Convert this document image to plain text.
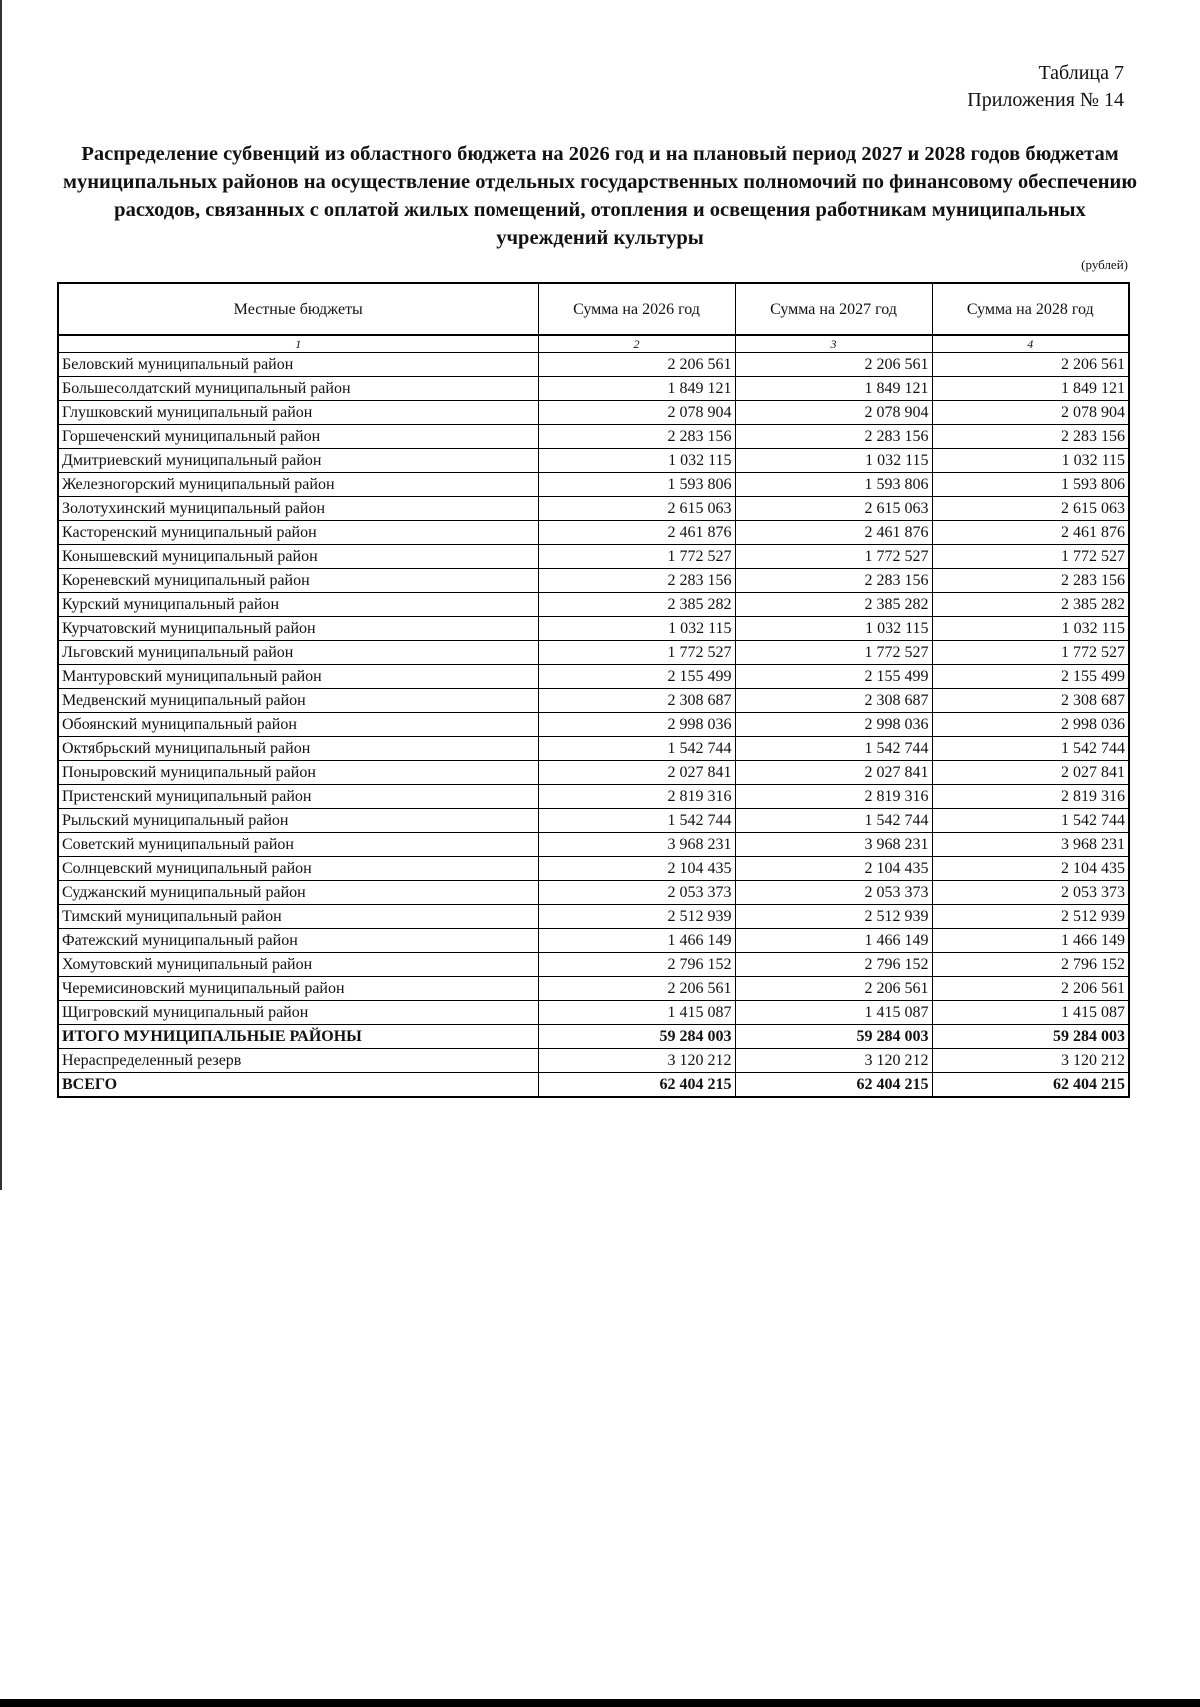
Таблица 7
Приложения № 14
Распределение субвенций из областного бюджета на 2026 год и на плановый период 2027 и 2028 годов бюджетам муниципальных районов на осуществление отдельных государственных полномочий по финансовому обеспечению расходов, связанных с оплатой жилых помещений, отопления и освещения работникам муниципальных учреждений культуры
(рублей)
Местные бюджеты	Сумма на 2026 год	Сумма на 2027 год	Сумма на 2028 год
1	2	3	4
Беловский муниципальный район	2 206 561	2 206 561	2 206 561
Большесолдатский муниципальный район	1 849 121	1 849 121	1 849 121
Глушковский муниципальный район	2 078 904	2 078 904	2 078 904
Горшеченский муниципальный район	2 283 156	2 283 156	2 283 156
Дмитриевский муниципальный район	1 032 115	1 032 115	1 032 115
Железногорский муниципальный район	1 593 806	1 593 806	1 593 806
Золотухинский муниципальный район	2 615 063	2 615 063	2 615 063
Касторенский муниципальный район	2 461 876	2 461 876	2 461 876
Конышевский муниципальный район	1 772 527	1 772 527	1 772 527
Кореневский муниципальный район	2 283 156	2 283 156	2 283 156
Курский муниципальный район	2 385 282	2 385 282	2 385 282
Курчатовский муниципальный район	1 032 115	1 032 115	1 032 115
Льговский муниципальный район	1 772 527	1 772 527	1 772 527
Мантуровский муниципальный район	2 155 499	2 155 499	2 155 499
Медвенский муниципальный район	2 308 687	2 308 687	2 308 687
Обоянский муниципальный район	2 998 036	2 998 036	2 998 036
Октябрьский муниципальный район	1 542 744	1 542 744	1 542 744
Поныровский муниципальный район	2 027 841	2 027 841	2 027 841
Пристенский муниципальный район	2 819 316	2 819 316	2 819 316
Рыльский муниципальный район	1 542 744	1 542 744	1 542 744
Советский муниципальный район	3 968 231	3 968 231	3 968 231
Солнцевский муниципальный район	2 104 435	2 104 435	2 104 435
Суджанский муниципальный район	2 053 373	2 053 373	2 053 373
Тимский муниципальный район	2 512 939	2 512 939	2 512 939
Фатежский муниципальный район	1 466 149	1 466 149	1 466 149
Хомутовский муниципальный район	2 796 152	2 796 152	2 796 152
Черемисиновский муниципальный район	2 206 561	2 206 561	2 206 561
Щигровский муниципальный район	1 415 087	1 415 087	1 415 087
ИТОГО МУНИЦИПАЛЬНЫЕ РАЙОНЫ	59 284 003	59 284 003	59 284 003
Нераспределенный резерв	3 120 212	3 120 212	3 120 212
ВСЕГО	62 404 215	62 404 215	62 404 215
